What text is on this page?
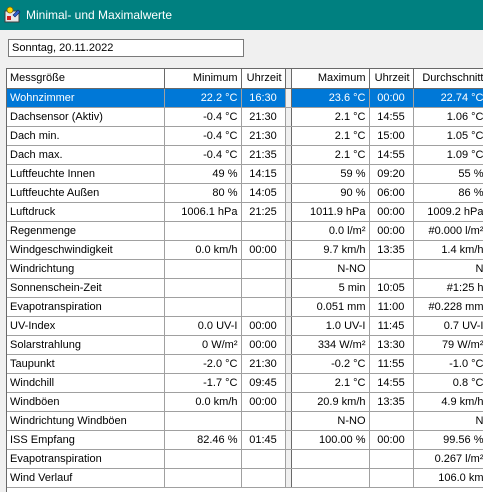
Minimal- und Maximalwerte
Sonntag, 20.11.2022
Messgröße	Minimum	Uhrzeit		Maximum	Uhrzeit	Durchschnitt
Wohnzimmer	22.2 °C	16:30		23.6 °C	00:00	22.74 °C
Dachsensor (Aktiv)	-0.4 °C	21:30		2.1 °C	14:55	1.06 °C
Dach min.	-0.4 °C	21:30		2.1 °C	15:00	1.05 °C
Dach max.	-0.4 °C	21:35		2.1 °C	14:55	1.09 °C
Luftfeuchte Innen	49 %	14:15		59 %	09:20	55 %
Luftfeuchte Außen	80 %	14:05		90 %	06:00	86 %
Luftdruck	1006.1 hPa	21:25		1011.9 hPa	00:00	1009.2 hPa
Regenmenge				0.0 l/m²	00:00	#0.000 l/m²
Windgeschwindigkeit	0.0 km/h	00:00		9.7 km/h	13:35	1.4 km/h
Windrichtung				N-NO		N
Sonnenschein-Zeit				5 min	10:05	#1:25 h
Evapotranspiration				0.051 mm	11:00	#0.228 mm
UV-Index	0.0 UV-I	00:00		1.0 UV-I	11:45	0.7 UV-I
Solarstrahlung	0 W/m²	00:00		334 W/m²	13:30	79 W/m²
Taupunkt	-2.0 °C	21:30		-0.2 °C	11:55	-1.0 °C
Windchill	-1.7 °C	09:45		2.1 °C	14:55	0.8 °C
Windböen	0.0 km/h	00:00		20.9 km/h	13:35	4.9 km/h
Windrichtung Windböen				N-NO		N
ISS Empfang	82.46 %	01:45		100.00 %	00:00	99.56 %
Evapotranspiration						0.267 l/m²
Wind Verlauf						106.0 km
